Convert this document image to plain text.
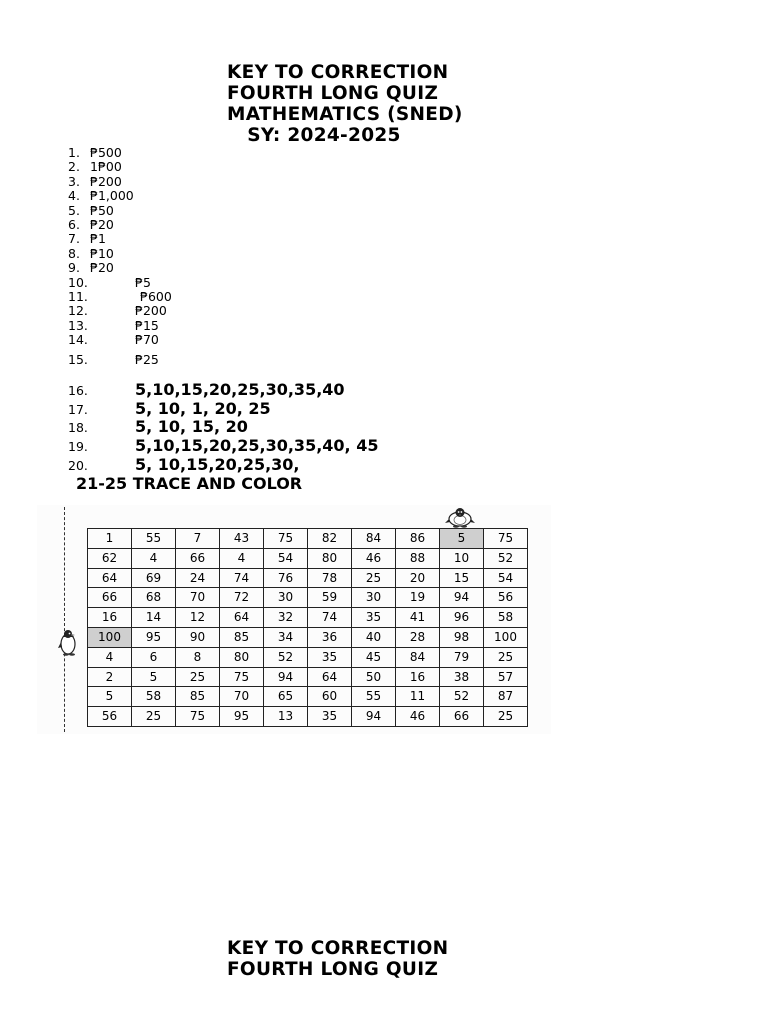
KEY TO CORRECTION
FOURTH LONG QUIZ
MATHEMATICS (SNED)
SY: 2024-2025
1. ₱500
2. 1₱00
3. ₱200
4. ₱1,000
5. ₱50
6. ₱20
7. ₱1
8. ₱10
9. ₱20
10.	₱5
11.	₱600
12.	₱200
13.	₱15
14.	₱70
15.	₱25
16.	5,10,15,20,25,30,35,40
17.	5, 10, 1, 20, 25
18.	5, 10, 15, 20
19.	5,10,15,20,25,30,35,40, 45
20.	5, 10,15,20,25,30,
21-25 TRACE AND COLOR
1	55	7	43	75	82	84	86	5	75
62	4	66	4	54	80	46	88	10	52
64	69	24	74	76	78	25	20	15	54
66	68	70	72	30	59	30	19	94	56
16	14	12	64	32	74	35	41	96	58
100	95	90	85	34	36	40	28	98	100
4	6	8	80	52	35	45	84	79	25
2	5	25	75	94	64	50	16	38	57
5	58	85	70	65	60	55	11	52	87
56	25	75	95	13	35	94	46	66	25
KEY TO CORRECTION
FOURTH LONG QUIZ
